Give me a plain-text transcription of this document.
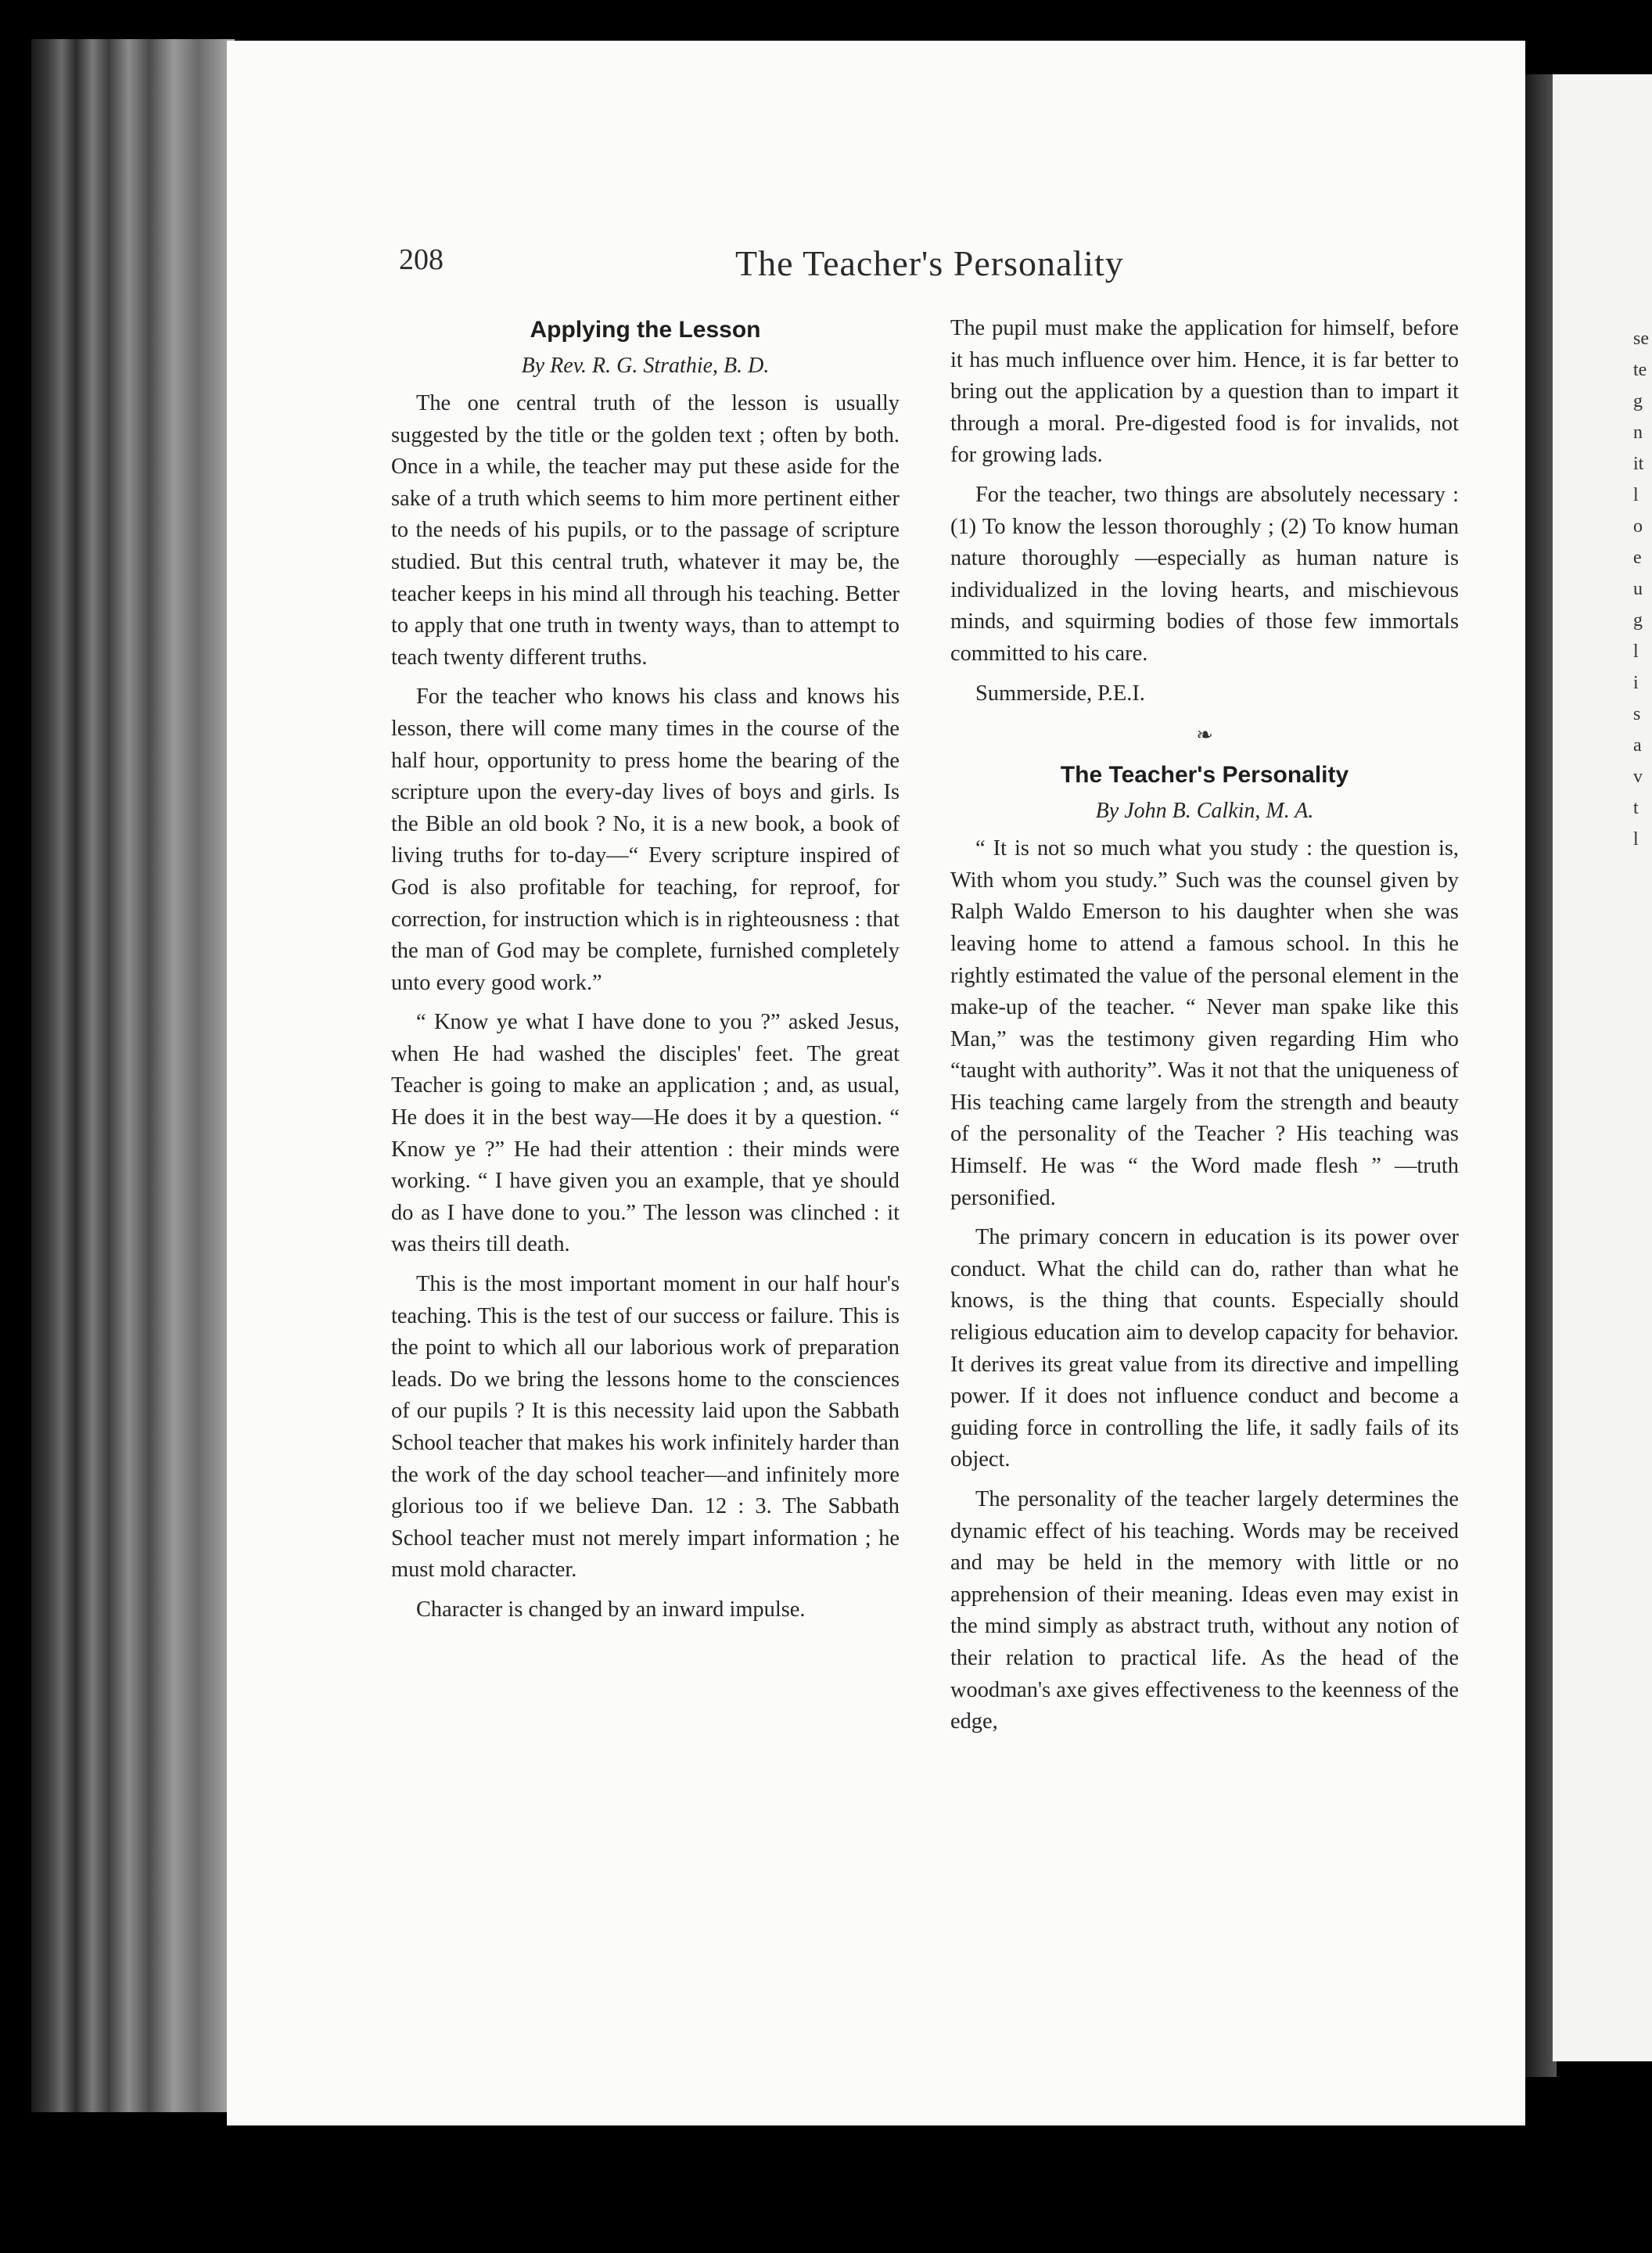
208	The Teacher's Personality
Applying the Lesson
By Rev. R. G. Strathie, B. D.

The one central truth of the lesson is usually suggested by the title or the golden text ; often by both. Once in a while, the teacher may put these aside for the sake of a truth which seems to him more pertinent either to the needs of his pupils, or to the passage of scripture studied. But this central truth, whatever it may be, the teacher keeps in his mind all through his teaching. Better to apply that one truth in twenty ways, than to attempt to teach twenty different truths.

For the teacher who knows his class and knows his lesson, there will come many times in the course of the half hour, opportunity to press home the bearing of the scripture upon the every-day lives of boys and girls. Is the Bible an old book ? No, it is a new book, a book of living truths for to-day—“ Every scripture inspired of God is also profitable for teaching, for reproof, for correction, for instruction which is in righteousness : that the man of God may be complete, furnished completely unto every good work.”

“ Know ye what I have done to you ?” asked Jesus, when He had washed the disciples' feet. The great Teacher is going to make an application ; and, as usual, He does it in the best way—He does it by a question. “ Know ye ?” He had their attention : their minds were working. “ I have given you an example, that ye should do as I have done to you.” The lesson was clinched : it was theirs till death.

This is the most important moment in our half hour's teaching. This is the test of our success or failure. This is the point to which all our laborious work of preparation leads. Do we bring the lessons home to the consciences of our pupils ? It is this necessity laid upon the Sabbath School teacher that makes his work infinitely harder than the work of the day school teacher—and infinitely more glorious too if we believe Dan. 12 : 3. The Sabbath School teacher must not merely impart information ; he must mold character.

Character is changed by an inward impulse.

The pupil must make the application for himself, before it has much influence over him. Hence, it is far better to bring out the application by a question than to impart it through a moral. Pre-digested food is for invalids, not for growing lads.

For the teacher, two things are absolutely necessary : (1) To know the lesson thoroughly ; (2) To know human nature thoroughly —especially as human nature is individualized in the loving hearts, and mischievous minds, and squirming bodies of those few immortals committed to his care.

Summerside, P.E.I.

❧
The Teacher's Personality
By John B. Calkin, M. A.

“ It is not so much what you study : the question is, With whom you study.” Such was the counsel given by Ralph Waldo Emerson to his daughter when she was leaving home to attend a famous school. In this he rightly estimated the value of the personal element in the make-up of the teacher. “ Never man spake like this Man,” was the testimony given regarding Him who “taught with authority”. Was it not that the uniqueness of His teaching came largely from the strength and beauty of the personality of the Teacher ? His teaching was Himself. He was “ the Word made flesh ” —truth personified.

The primary concern in education is its power over conduct. What the child can do, rather than what he knows, is the thing that counts. Especially should religious education aim to develop capacity for behavior. It derives its great value from its directive and impelling power. If it does not influence conduct and become a guiding force in controlling the life, it sadly fails of its object.

The personality of the teacher largely determines the dynamic effect of his teaching. Words may be received and may be held in the memory with little or no apprehension of their meaning. Ideas even may exist in the mind simply as abstract truth, without any notion of their relation to practical life. As the head of the woodman's axe gives effectiveness to the keenness of the edge,

se
te
g
n
it
l
o
e
u
g
l
i
s
a
v
t
l
